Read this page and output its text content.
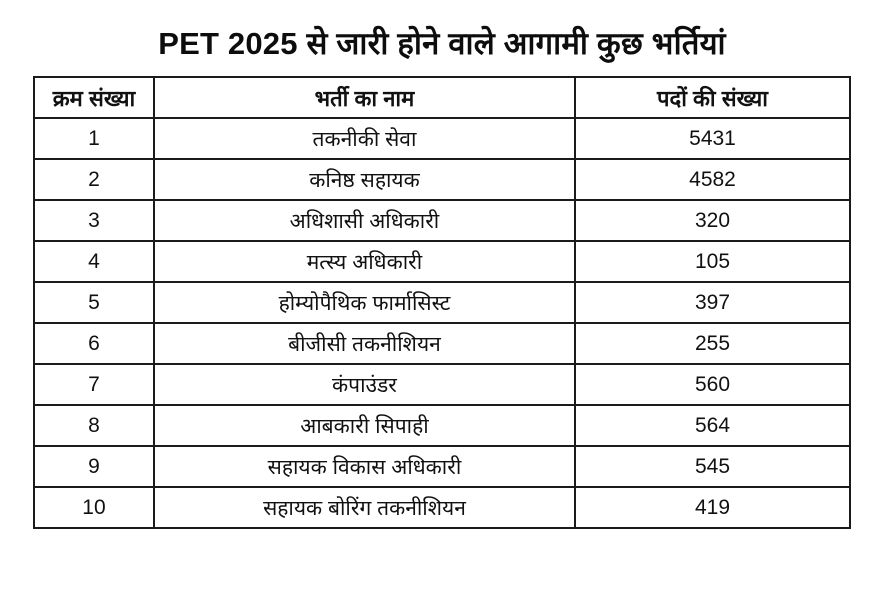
PET 2025 से जारी होने वाले आगामी कुछ भर्तियां
क्रम संख्या	भर्ती का नाम	पदों की संख्या
1	तकनीकी सेवा	5431
2	कनिष्ठ सहायक	4582
3	अधिशासी अधिकारी	320
4	मत्स्य अधिकारी	105
5	होम्योपैथिक फार्मासिस्ट	397
6	बीजीसी तकनीशियन	255
7	कंपाउंडर	560
8	आबकारी सिपाही	564
9	सहायक विकास अधिकारी	545
10	सहायक बोरिंग तकनीशियन	419
